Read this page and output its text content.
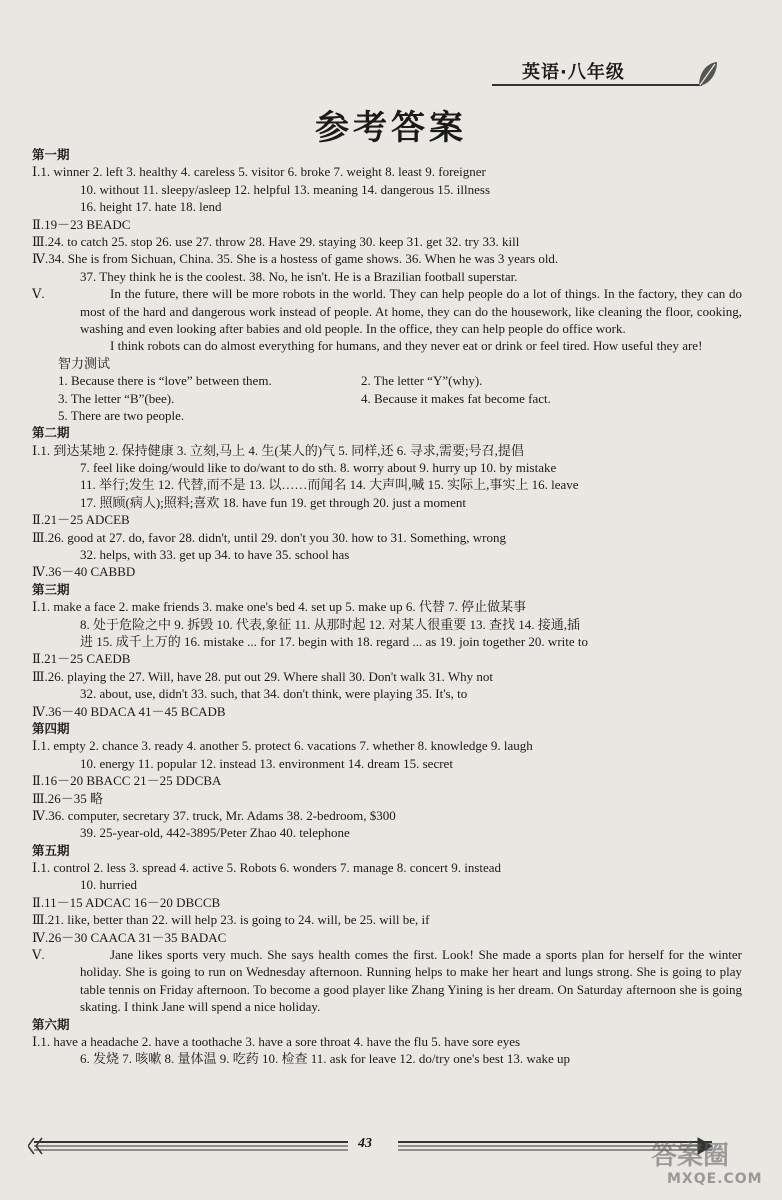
英语·八年级
参考答案
第一期
Ⅰ.1. winner 2. left 3. healthy 4. careless 5. visitor 6. broke 7. weight 8. least 9. foreigner
10. without 11. sleepy/asleep 12. helpful 13. meaning 14. dangerous 15. illness
16. height 17. hate 18. lend
Ⅱ.19－23 BEADC
Ⅲ.24. to catch 25. stop 26. use 27. throw 28. Have 29. staying 30. keep 31. get 32. try 33. kill
Ⅳ.34. She is from Sichuan, China. 35. She is a hostess of game shows. 36. When he was 3 years old.
37. They think he is the coolest. 38. No, he isn't. He is a Brazilian football superstar.
Ⅴ.	In the future, there will be more robots in the world. They can help people do a lot of things. In the factory, they can do most of the hard and dangerous work instead of people. At home, they can do the housework, like cleaning the floor, cooking, washing and even looking after babies and old people. In the office, they can help people do office work.
I think robots can do almost everything for humans, and they never eat or drink or feel tired. How useful they are!
智力测试
1. Because there is “love” between them.	2. The letter “Y”(why).
3. The letter “B”(bee).	4. Because it makes fat become fact.
5. There are two people.
第二期
Ⅰ.1. 到达某地 2. 保持健康 3. 立刻,马上 4. 生(某人的)气 5. 同样,还 6. 寻求,需要;号召,提倡
7. feel like doing/would like to do/want to do sth. 8. worry about 9. hurry up 10. by mistake
11. 举行;发生 12. 代替,而不是 13. 以……而闻名 14. 大声叫,喊 15. 实际上,事实上 16. leave
17. 照顾(病人);照料;喜欢 18. have fun 19. get through 20. just a moment
Ⅱ.21－25 ADCEB
Ⅲ.26. good at 27. do, favor 28. didn't, until 29. don't you 30. how to 31. Something, wrong
32. helps, with 33. get up 34. to have 35. school has
Ⅳ.36－40 CABBD
第三期
Ⅰ.1. make a face 2. make friends 3. make one's bed 4. set up 5. make up 6. 代替 7. 停止做某事
8. 处于危险之中 9. 拆毁 10. 代表,象征 11. 从那时起 12. 对某人很重要 13. 查找 14. 接通,插
进 15. 成千上万的 16. mistake ... for 17. begin with 18. regard ... as 19. join together 20. write to
Ⅱ.21－25 CAEDB
Ⅲ.26. playing the 27. Will, have 28. put out 29. Where shall 30. Don't walk 31. Why not
32. about, use, didn't 33. such, that 34. don't think, were playing 35. It's, to
Ⅳ.36－40 BDACA 41－45 BCADB
第四期
Ⅰ.1. empty 2. chance 3. ready 4. another 5. protect 6. vacations 7. whether 8. knowledge 9. laugh
10. energy 11. popular 12. instead 13. environment 14. dream 15. secret
Ⅱ.16－20 BBACC 21－25 DDCBA
Ⅲ.26－35 略
Ⅳ.36. computer, secretary 37. truck, Mr. Adams 38. 2-bedroom, $300
39. 25-year-old, 442-3895/Peter Zhao 40. telephone
第五期
Ⅰ.1. control 2. less 3. spread 4. active 5. Robots 6. wonders 7. manage 8. concert 9. instead
10. hurried
Ⅱ.11－15 ADCAC 16－20 DBCCB
Ⅲ.21. like, better than 22. will help 23. is going to 24. will, be 25. will be, if
Ⅳ.26－30 CAACA 31－35 BADAC
Ⅴ.	Jane likes sports very much. She says health comes the first. Look! She made a sports plan for herself for the winter holiday. She is going to run on Wednesday afternoon. Running helps to make her heart and lungs strong. She is going to play table tennis on Friday afternoon. To become a good player like Zhang Yining is her dream. On Saturday afternoon she is going skating. I think Jane will spend a nice holiday.
第六期
Ⅰ.1. have a headache 2. have a toothache 3. have a sore throat 4. have the flu 5. have sore eyes
6. 发烧 7. 咳嗽 8. 量体温 9. 吃药 10. 检查 11. ask for leave 12. do/try one's best 13. wake up
43	答案圈
MXQE.COM
